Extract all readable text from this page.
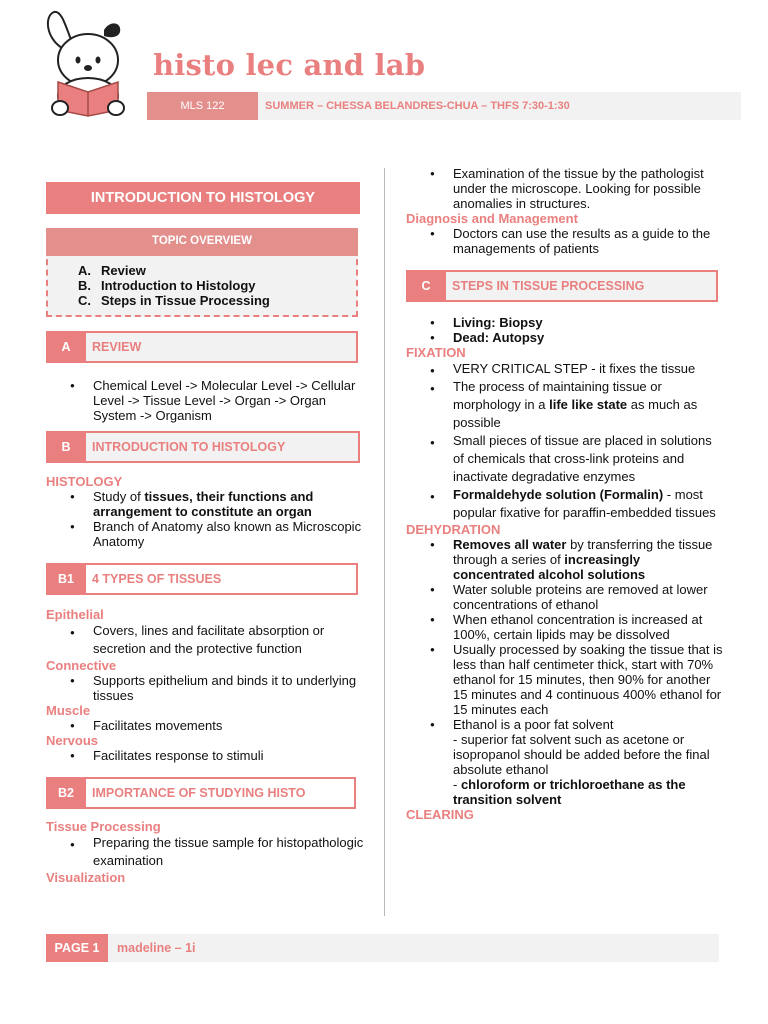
histo lec and lab
MLS 122	SUMMER – CHESSA BELANDRES-CHUA – THFS 7:30-1:30
INTRODUCTION TO HISTOLOGY
TOPIC OVERVIEW
A. Review
B. Introduction to Histology
C. Steps in Tissue Processing
A	REVIEW
● Chemical Level -> Molecular Level -> Cellular Level -> Tissue Level -> Organ -> Organ System -> Organism
B	INTRODUCTION TO HISTOLOGY
HISTOLOGY
● Study of tissues, their functions and arrangement to constitute an organ
● Branch of Anatomy also known as Microscopic Anatomy
B1	4 TYPES OF TISSUES
Epithelial
● Covers, lines and facilitate absorption or secretion and the protective function
Connective
● Supports epithelium and binds it to underlying tissues
Muscle
● Facilitates movements
Nervous
● Facilitates response to stimuli
B2	IMPORTANCE OF STUDYING HISTO
Tissue Processing
● Preparing the tissue sample for histopathologic examination
Visualization
● Examination of the tissue by the pathologist under the microscope. Looking for possible anomalies in structures.
Diagnosis and Management
● Doctors can use the results as a guide to the managements of patients
C	STEPS IN TISSUE PROCESSING
● Living: Biopsy
● Dead: Autopsy
FIXATION
● VERY CRITICAL STEP - it fixes the tissue
● The process of maintaining tissue or morphology in a life like state as much as possible
● Small pieces of tissue are placed in solutions of chemicals that cross-link proteins and inactivate degradative enzymes
● Formaldehyde solution (Formalin) - most popular fixative for paraffin-embedded tissues
DEHYDRATION
● Removes all water by transferring the tissue through a series of increasingly concentrated alcohol solutions
● Water soluble proteins are removed at lower concentrations of ethanol
● When ethanol concentration is increased at 100%, certain lipids may be dissolved
● Usually processed by soaking the tissue that is less than half centimeter thick, start with 70% ethanol for 15 minutes, then 90% for another 15 minutes and 4 continuous 400% ethanol for 15 minutes each
● Ethanol is a poor fat solvent
- superior fat solvent such as acetone or isopropanol should be added before the final absolute ethanol
- chloroform or trichloroethane as the transition solvent
CLEARING
PAGE 1	madeline – 1i
